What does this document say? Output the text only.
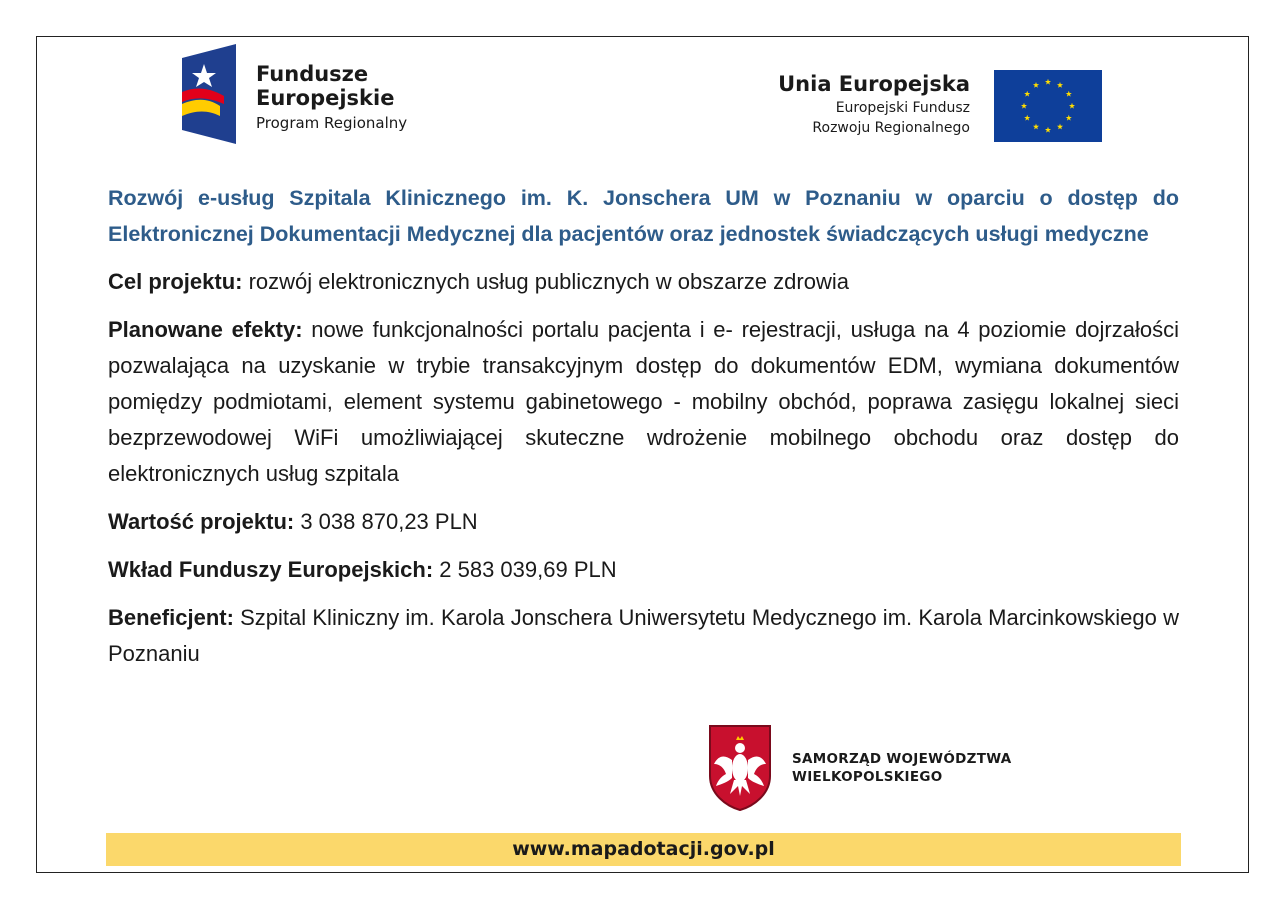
Fundusze
Europejskie
Program Regionalny
Unia Europejska
Europejski Fundusz
Rozwoju Regionalnego

Rozwój e-usług Szpitala Klinicznego im. K. Jonschera UM w Poznaniu w oparciu o dostęp do Elektronicznej Dokumentacji Medycznej dla pacjentów oraz jednostek świadczących usługi medyczne

Cel projektu: rozwój elektronicznych usług publicznych w obszarze zdrowia

Planowane efekty: nowe funkcjonalności portalu pacjenta i e- rejestracji, usługa na 4 poziomie dojrzałości pozwalająca na uzyskanie w trybie transakcyjnym dostęp do dokumentów EDM, wymiana dokumentów pomiędzy podmiotami, element systemu gabinetowego - mobilny obchód, poprawa zasięgu lokalnej sieci bezprzewodowej WiFi umożliwiającej skuteczne wdrożenie mobilnego obchodu oraz dostęp do elektronicznych usług szpitala

Wartość projektu: 3 038 870,23 PLN

Wkład Funduszy Europejskich: 2 583 039,69 PLN

Beneficjent: Szpital Kliniczny im. Karola Jonschera Uniwersytetu Medycznego im. Karola Marcinkowskiego w Poznaniu

SAMORZĄD WOJEWÓDZTWA
WIELKOPOLSKIEGO
www.mapadotacji.gov.pl
